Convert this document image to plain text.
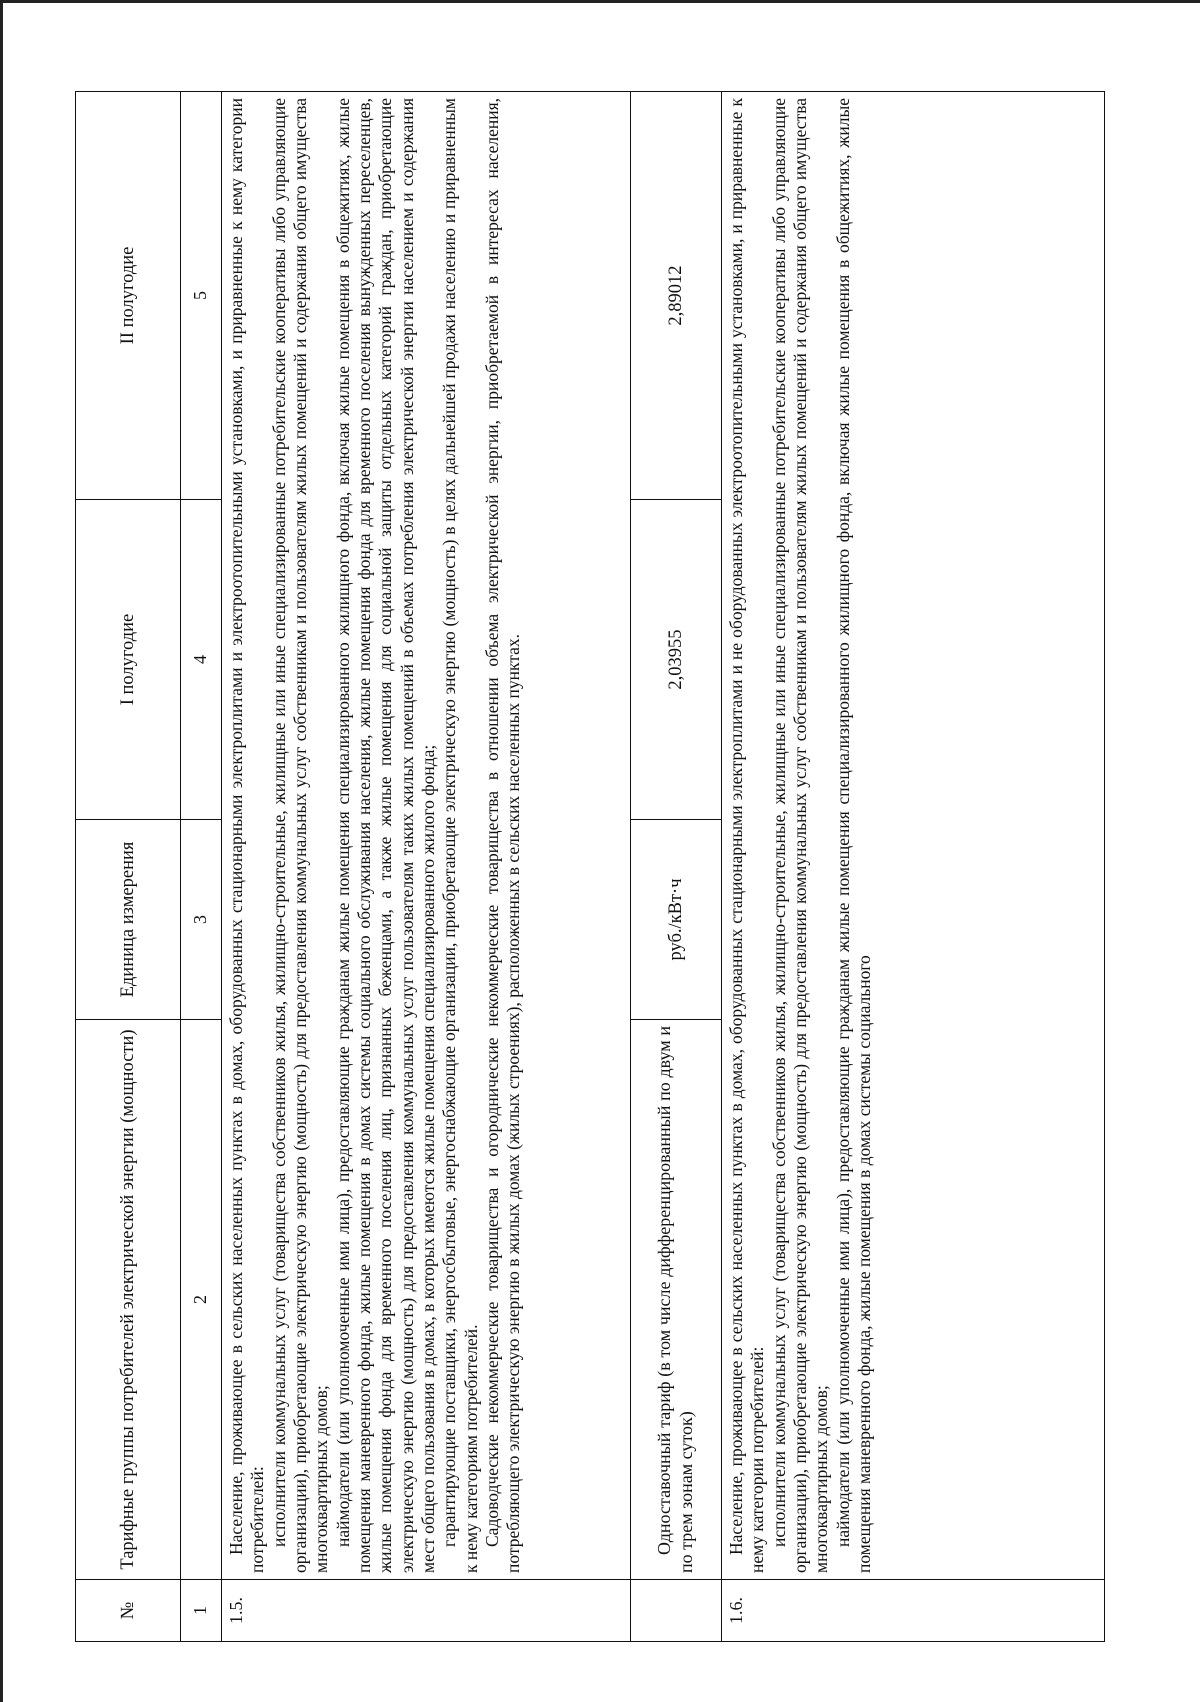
№	Тарифные группы потребителей электрической энергии (мощности)	Единица измерения	I полугодие	II полугодие
1	2	3	4	5
1.5.	Население, проживающее в сельских населенных пунктах в домах, оборудованных стационарными электроплитами и электроотопительными установками, и приравненные к нему категории потребителей: исполнители коммунальных услуг (товарищества собственников жилья, жилищно-строительные, жилищные или иные специализированные потребительские кооперативы либо управляющие организации), приобретающие электрическую энергию (мощность) для предоставления коммунальных услуг собственникам и пользователям жилых помещений и содержания общего имущества многоквартирных домов; наймодатели (или уполномоченные ими лица), предоставляющие гражданам жилые помещения специализированного жилищного фонда, включая жилые помещения в общежитиях, жилые помещения маневренного фонда, жилые помещения в домах системы социального обслуживания населения, жилые помещения фонда для временного поселения вынужденных переселенцев, жилые помещения фонда для временного поселения лиц, признанных беженцами, а также жилые помещения для социальной защиты отдельных категорий граждан, приобретающие электрическую энергию (мощность) для предоставления коммунальных услуг пользователям таких жилых помещений в объемах потребления электрической энергии населением и содержания мест общего пользования в домах, в которых имеются жилые помещения специализированного жилого фонда; гарантирующие поставщики, энергосбытовые, энергоснабжающие организации, приобретающие электрическую энергию (мощность) в целях дальнейшей продажи населению и приравненным к нему категориям потребителей. Садоводческие некоммерческие товарищества и огороднические некоммерческие товарищества в отношении объема электрической энергии, приобретаемой в интересах населения, потребляющего электрическую энергию в жилых домах (жилых строениях), расположенных в сельских населенных пунктах.			

	Одноставочный тариф (в том числе дифференцированный по двум и по трем зонам суток)	руб./кВт·ч	2,03955	2,89012
1.6.	Население, проживающее в сельских населенных пунктах в домах, оборудованных стационарными электроплитами и не оборудованных электроотопительными установками, и приравненные к нему категории потребителей: исполнители коммунальных услуг (товарищества собственников жилья, жилищно-строительные, жилищные или иные специализированные потребительские кооперативы либо управляющие организации), приобретающие электрическую энергию (мощность) для предоставления коммунальных услуг собственникам и пользователям жилых помещений и содержания общего имущества многоквартирных домов; наймодатели (или уполномоченные ими лица), предоставляющие гражданам жилые помещения специализированного жилищного фонда, включая жилые помещения в общежитиях, жилые помещения маневренного фонда, жилые помещения в домах системы социального			
